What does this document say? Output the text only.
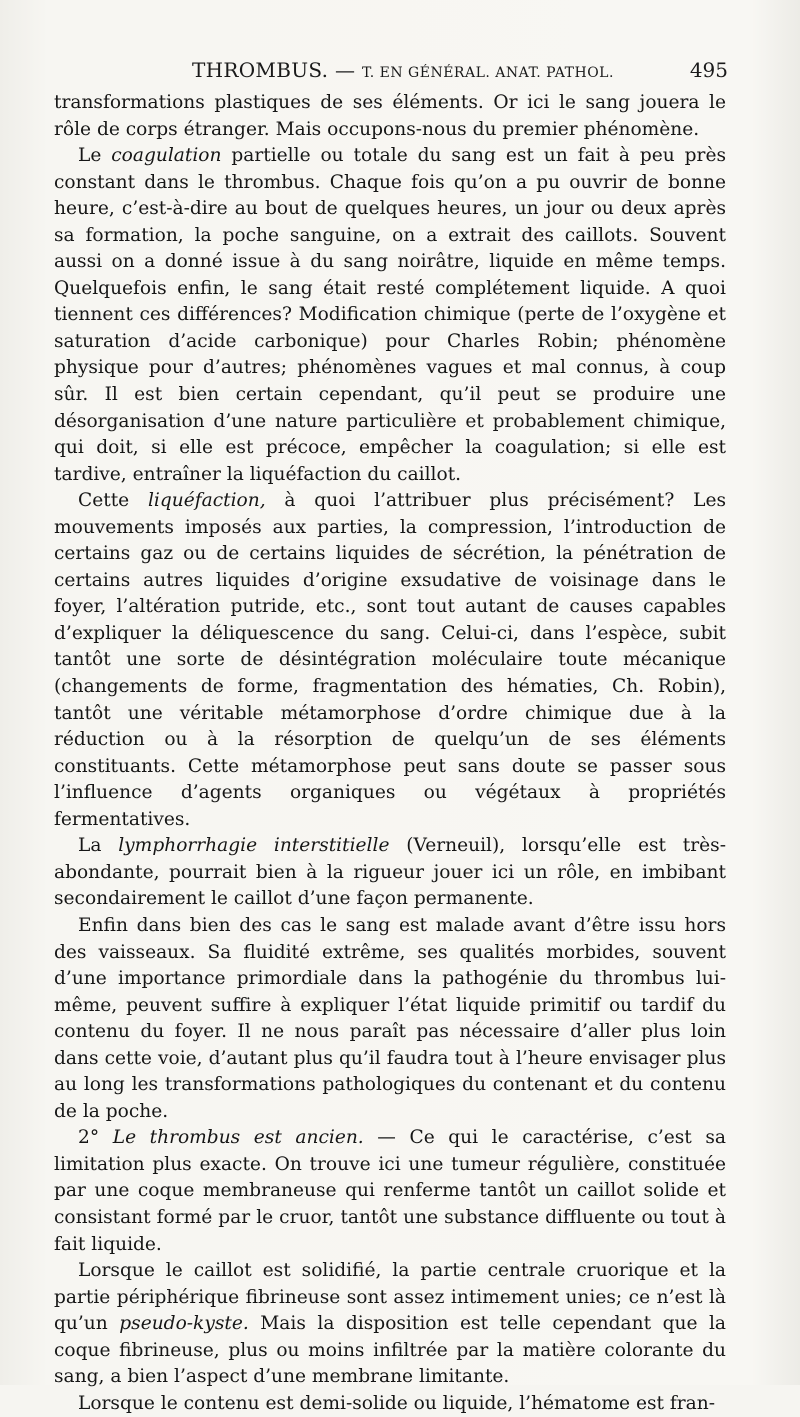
THROMBUS. — T. EN GÉNÉRAL. ANAT. PATHOL.	495

transformations plastiques de ses éléments. Or ici le sang jouera le rôle de corps étranger. Mais occupons-nous du premier phénomène.

Le coagulation partielle ou totale du sang est un fait à peu près constant dans le thrombus. Chaque fois qu’on a pu ouvrir de bonne heure, c’est-à-dire au bout de quelques heures, un jour ou deux après sa formation, la poche sanguine, on a extrait des caillots. Souvent aussi on a donné issue à du sang noirâtre, liquide en même temps. Quelquefois enfin, le sang était resté complétement liquide. A quoi tiennent ces différences? Modification chimique (perte de l’oxygène et saturation d’acide carbonique) pour Charles Robin; phénomène physique pour d’autres; phénomènes vagues et mal connus, à coup sûr. Il est bien certain cependant, qu’il peut se produire une désorganisation d’une nature particulière et probablement chimique, qui doit, si elle est précoce, empêcher la coagulation; si elle est tardive, entraîner la liquéfaction du caillot.

Cette liquéfaction, à quoi l’attribuer plus précisément? Les mouvements imposés aux parties, la compression, l’introduction de certains gaz ou de certains liquides de sécrétion, la pénétration de certains autres liquides d’origine exsudative de voisinage dans le foyer, l’altération putride, etc., sont tout autant de causes capables d’expliquer la déliquescence du sang. Celui-ci, dans l’espèce, subit tantôt une sorte de désintégration moléculaire toute mécanique (changements de forme, fragmentation des hématies, Ch. Robin), tantôt une véritable métamorphose d’ordre chimique due à la réduction ou à la résorption de quelqu’un de ses éléments constituants. Cette métamorphose peut sans doute se passer sous l’influence d’agents organiques ou végétaux à propriétés fermentatives.

La lymphorrhagie interstitielle (Verneuil), lorsqu’elle est très-abondante, pourrait bien à la rigueur jouer ici un rôle, en imbibant secondairement le caillot d’une façon permanente.

Enfin dans bien des cas le sang est malade avant d’être issu hors des vaisseaux. Sa fluidité extrême, ses qualités morbides, souvent d’une importance primordiale dans la pathogénie du thrombus lui-même, peuvent suffire à expliquer l’état liquide primitif ou tardif du contenu du foyer. Il ne nous paraît pas nécessaire d’aller plus loin dans cette voie, d’autant plus qu’il faudra tout à l’heure envisager plus au long les transformations pathologiques du contenant et du contenu de la poche.

2° Le thrombus est ancien. — Ce qui le caractérise, c’est sa limitation plus exacte. On trouve ici une tumeur régulière, constituée par une coque membraneuse qui renferme tantôt un caillot solide et consistant formé par le cruor, tantôt une substance diffluente ou tout à fait liquide.

Lorsque le caillot est solidifié, la partie centrale cruorique et la partie périphérique fibrineuse sont assez intimement unies; ce n’est là qu’un pseudo-kyste. Mais la disposition est telle cependant que la coque fibrineuse, plus ou moins infiltrée par la matière colorante du sang, a bien l’aspect d’une membrane limitante.

Lorsque le contenu est demi-solide ou liquide, l’hématome est fran-
